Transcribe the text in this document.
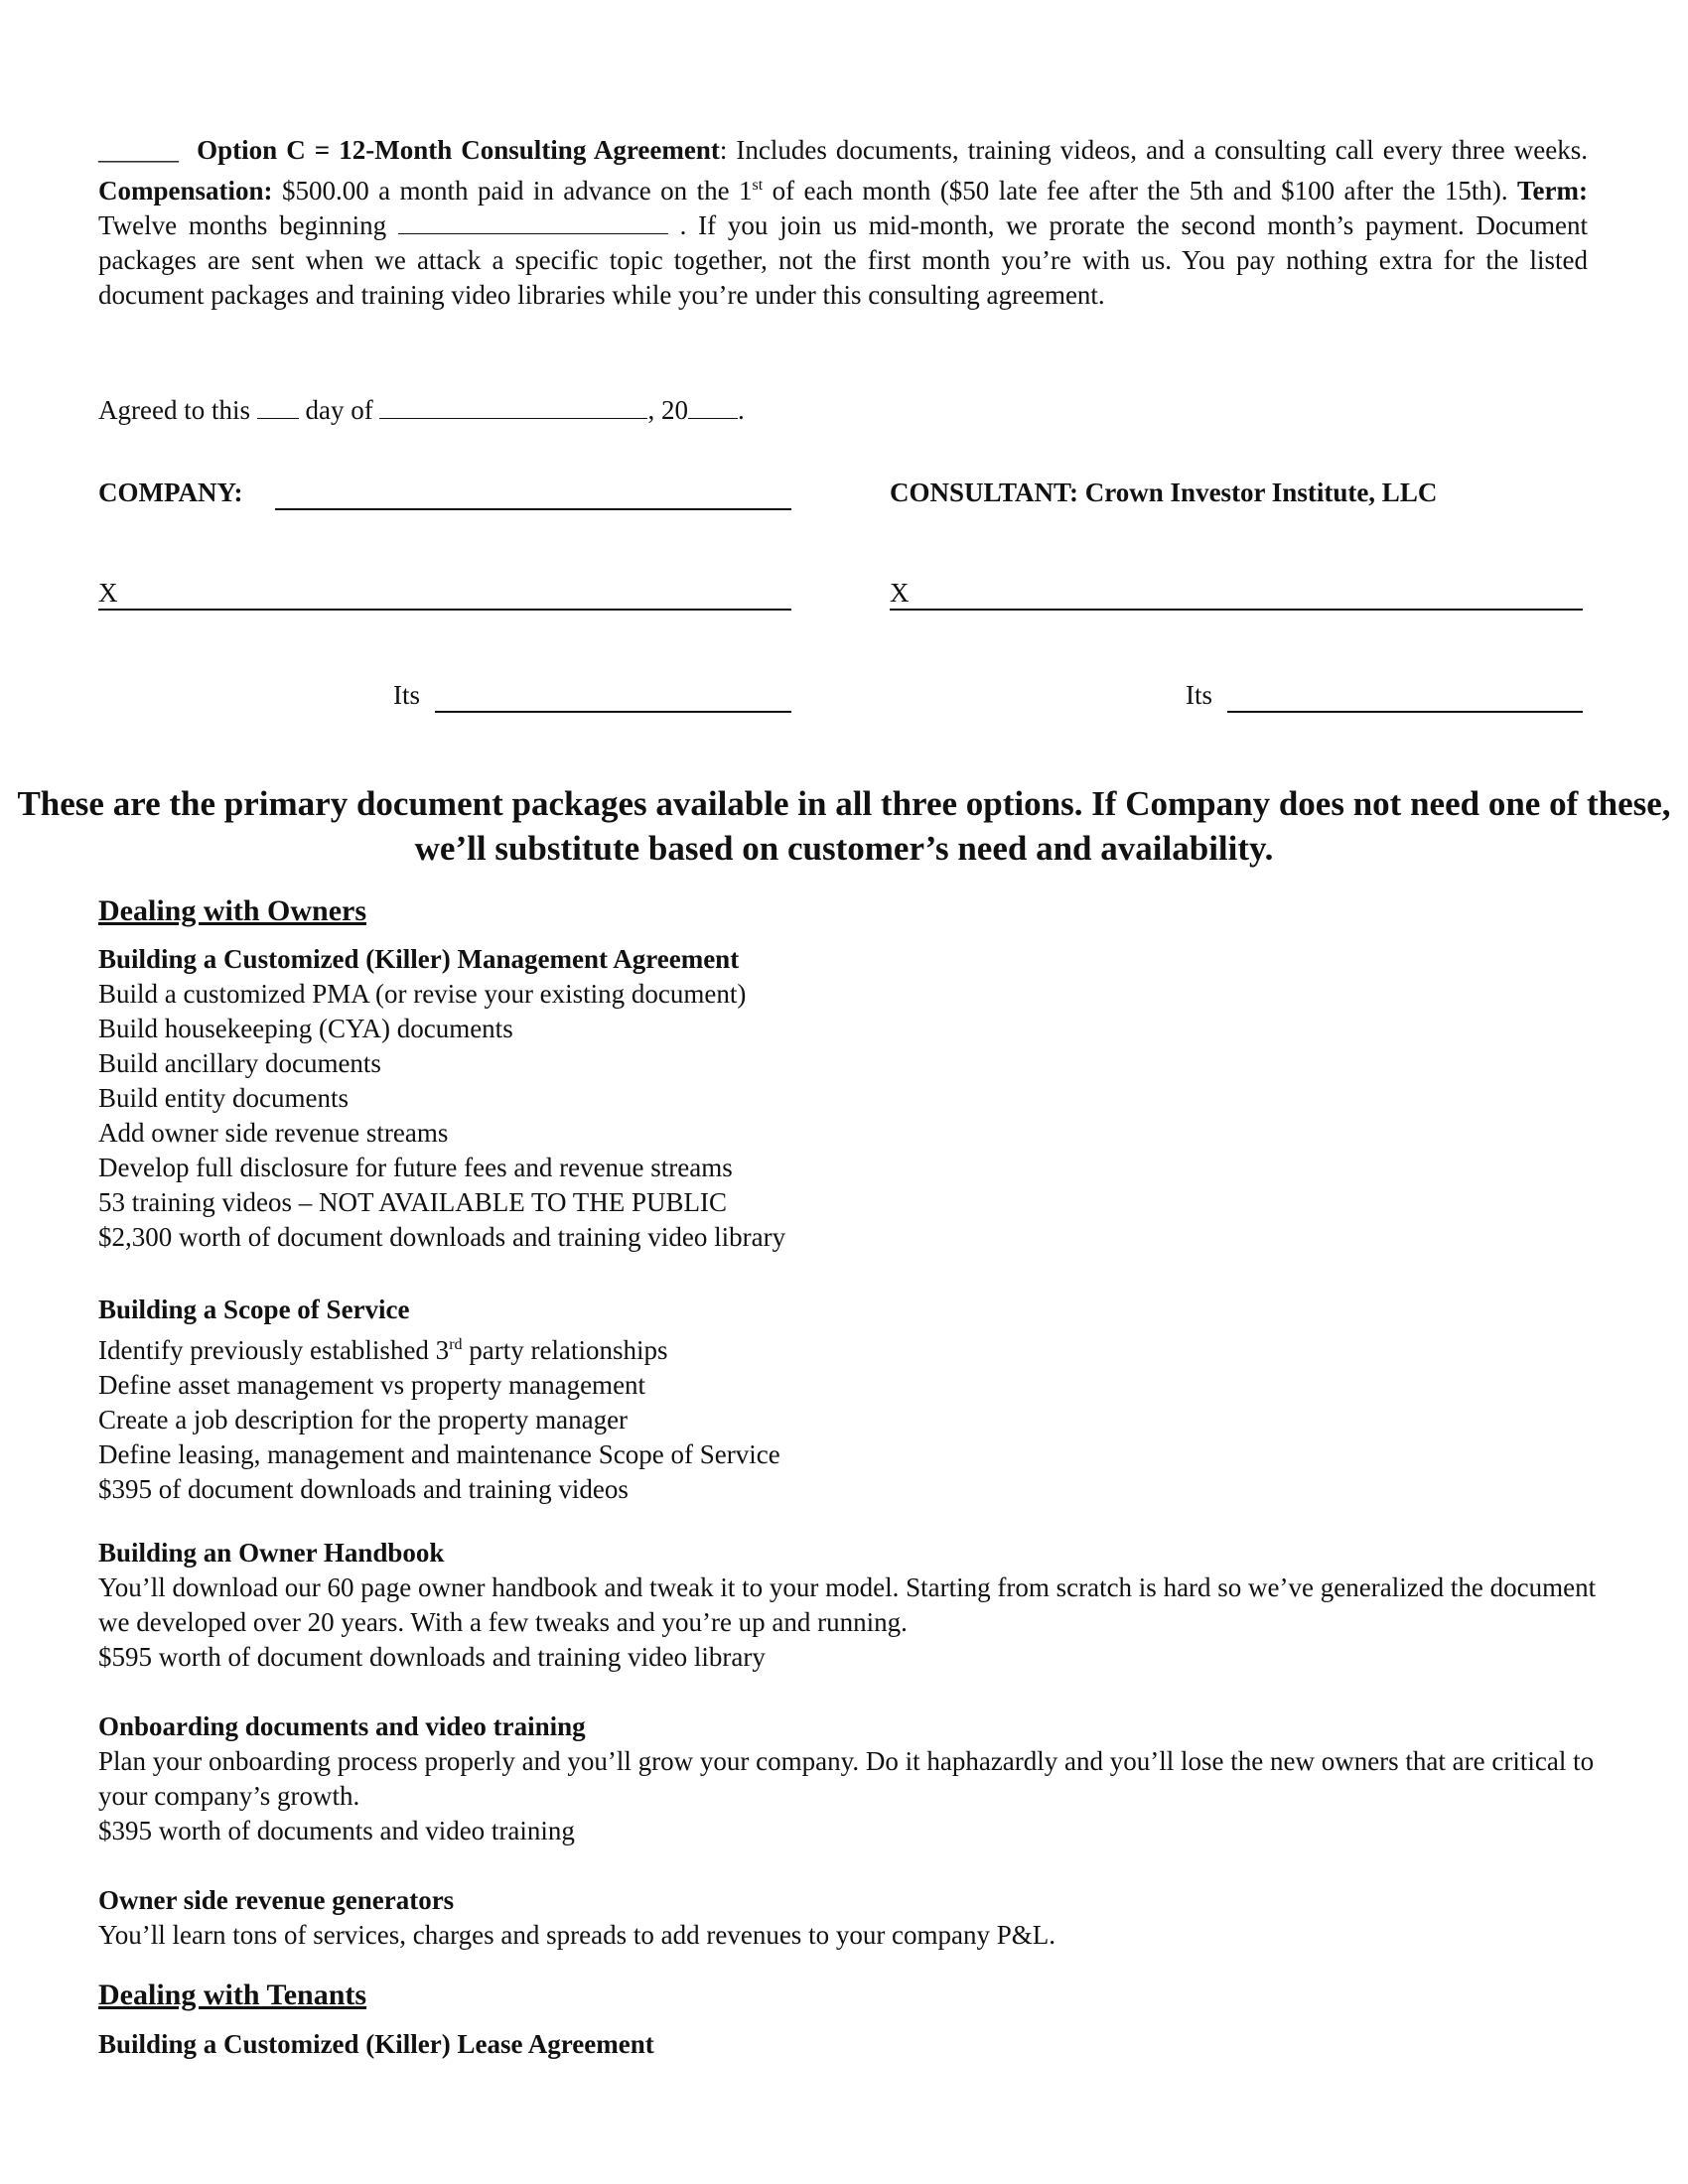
______ Option C = 12-Month Consulting Agreement: Includes documents, training videos, and a consulting call every three weeks. Compensation: $500.00 a month paid in advance on the 1st of each month ($50 late fee after the 5th and $100 after the 15th). Term: Twelve months beginning	. If you join us mid-month, we prorate the second month’s payment. Document packages are sent when we attack a specific topic together, not the first month you’re with us. You pay nothing extra for the listed document packages and training video libraries while you’re under this consulting agreement.

Agreed to this day of	, 20 .
COMPANY:	CONSULTANT: Crown Investor Institute, LLC
X	X
Its	Its
These are the primary document packages available in all three options. If Company does not need one of these, we’ll substitute based on customer’s need and availability.
Dealing with Owners
Building a Customized (Killer) Management Agreement
Build a customized PMA (or revise your existing document)
Build housekeeping (CYA) documents
Build ancillary documents
Build entity documents
Add owner side revenue streams
Develop full disclosure for future fees and revenue streams
53 training videos – NOT AVAILABLE TO THE PUBLIC
$2,300 worth of document downloads and training video library
Building a Scope of Service
Identify previously established 3rd party relationships
Define asset management vs property management
Create a job description for the property manager
Define leasing, management and maintenance Scope of Service
$395 of document downloads and training videos
Building an Owner Handbook
You’ll download our 60 page owner handbook and tweak it to your model. Starting from scratch is hard so we’ve generalized the document we developed over 20 years. With a few tweaks and you’re up and running.
$595 worth of document downloads and training video library
Onboarding documents and video training
Plan your onboarding process properly and you’ll grow your company. Do it haphazardly and you’ll lose the new owners that are critical to your company’s growth.
$395 worth of documents and video training
Owner side revenue generators
You’ll learn tons of services, charges and spreads to add revenues to your company P&L.
Dealing with Tenants
Building a Customized (Killer) Lease Agreement
